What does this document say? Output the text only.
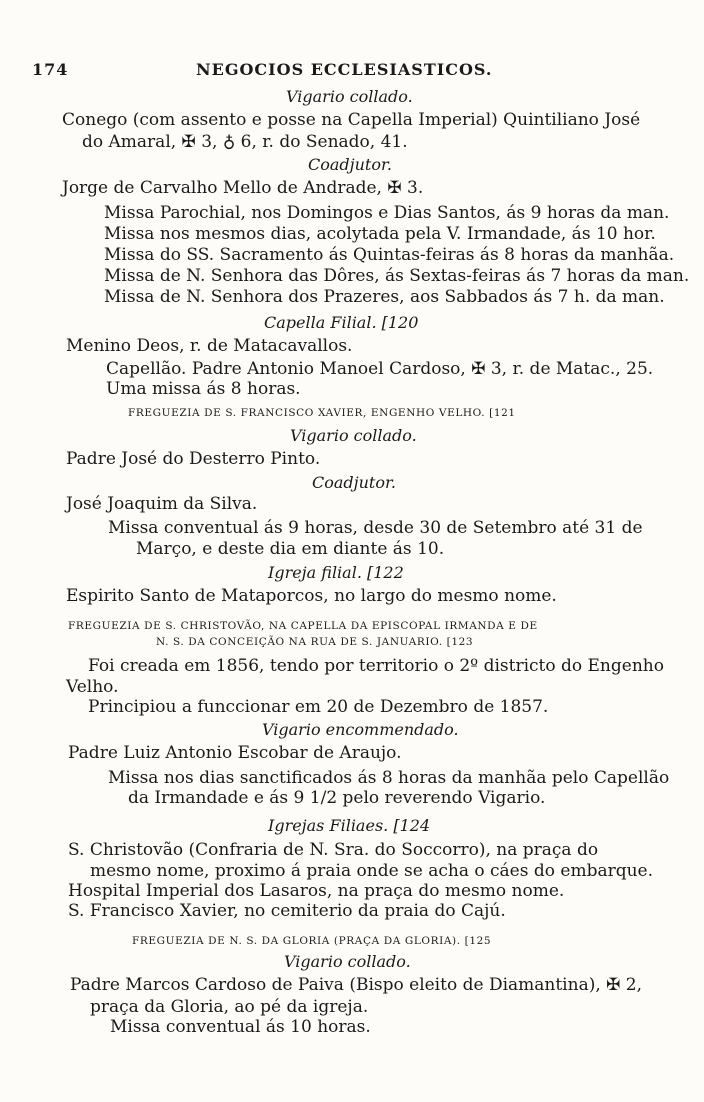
174	NEGOCIOS ECCLESIASTICOS.
Vigario collado.
Conego (com assento e posse na Capella Imperial) Quintiliano José
do Amaral, ✠ 3, ♁ 6, r. do Senado, 41.
Coadjutor.
Jorge de Carvalho Mello de Andrade, ✠ 3.
Missa Parochial, nos Domingos e Dias Santos, ás 9 horas da man.
Missa nos mesmos dias, acolytada pela V. Irmandade, ás 10 hor.
Missa do SS. Sacramento ás Quintas-feiras ás 8 horas da manhãa.
Missa de N. Senhora das Dôres, ás Sextas-feiras ás 7 horas da man.
Missa de N. Senhora dos Prazeres, aos Sabbados ás 7 h. da man.
Capella Filial. [120
Menino Deos, r. de Matacavallos.
Capellão. Padre Antonio Manoel Cardoso, ✠ 3, r. de Matac., 25.
Uma missa ás 8 horas.
FREGUEZIA DE S. FRANCISCO XAVIER, ENGENHO VELHO. [121
Vigario collado.
Padre José do Desterro Pinto.
Coadjutor.
José Joaquim da Silva.
Missa conventual ás 9 horas, desde 30 de Setembro até 31 de
Março, e deste dia em diante ás 10.
Igreja filial. [122
Espirito Santo de Mataporcos, no largo do mesmo nome.
FREGUEZIA DE S. CHRISTOVÃO, NA CAPELLA DA EPISCOPAL IRMANDA E DE
N. S. DA CONCEIÇÃO NA RUA DE S. JANUARIO. [123
Foi creada em 1856, tendo por territorio o 2º districto do Engenho
Velho.
Principiou a funccionar em 20 de Dezembro de 1857.
Vigario encommendado.
Padre Luiz Antonio Escobar de Araujo.
Missa nos dias sanctificados ás 8 horas da manhãa pelo Capellão
da Irmandade e ás 9 1/2 pelo reverendo Vigario.
Igrejas Filiaes. [124
S. Christovão (Confraria de N. Sra. do Soccorro), na praça do
mesmo nome, proximo á praia onde se acha o cáes do embarque.
Hospital Imperial dos Lasaros, na praça do mesmo nome.
S. Francisco Xavier, no cemiterio da praia do Cajú.
FREGUEZIA DE N. S. DA GLORIA (PRAÇA DA GLORIA). [125
Vigario collado.
Padre Marcos Cardoso de Paiva (Bispo eleito de Diamantina), ✠ 2,
praça da Gloria, ao pé da igreja.
Missa conventual ás 10 horas.
